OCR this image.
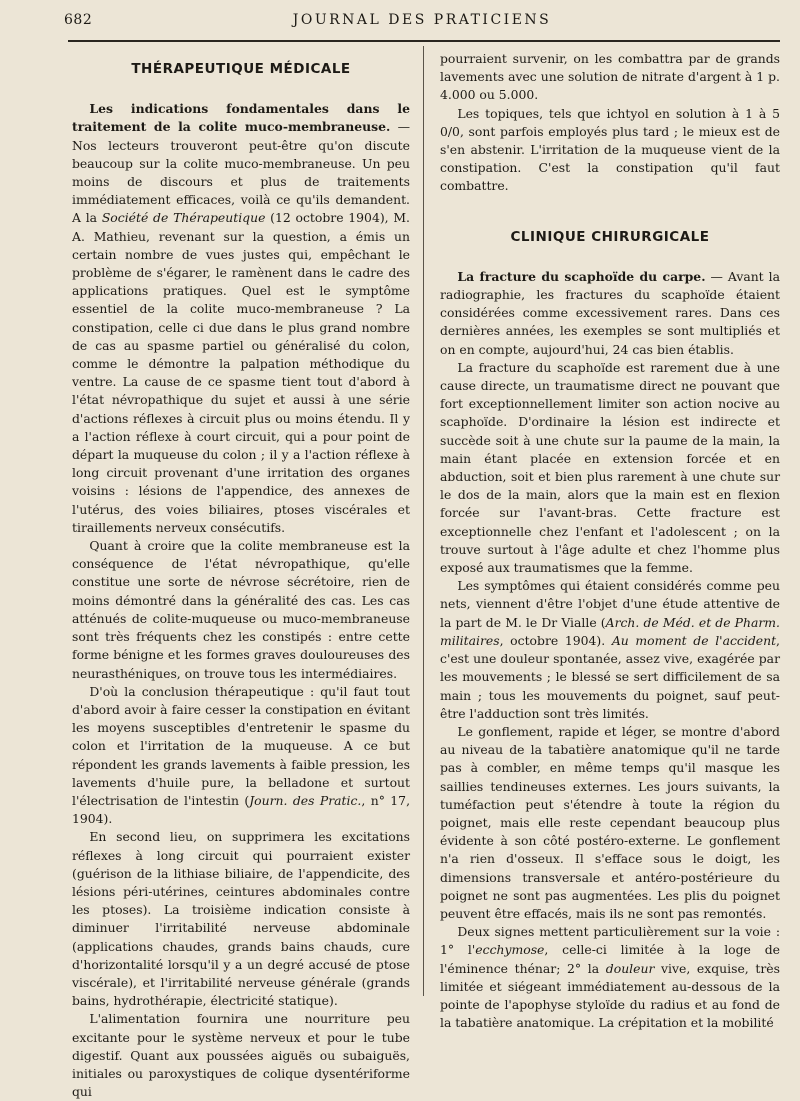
682	JOURNAL DES PRATICIENS
THÉRAPEUTIQUE MÉDICALE

Les indications fondamentales dans le traitement de la colite muco-membraneuse. — Nos lecteurs trouveront peut-être qu'on discute beaucoup sur la colite muco-membraneuse. Un peu moins de discours et plus de traitements immédiatement efficaces, voilà ce qu'ils demandent. A la Société de Thérapeutique (12 octobre 1904), M. A. Mathieu, revenant sur la question, a émis un certain nombre de vues justes qui, empêchant le problème de s'égarer, le ramènent dans le cadre des applications pratiques. Quel est le symptôme essentiel de la colite muco-membraneuse ? La constipation, celle ci due dans le plus grand nombre de cas au spasme partiel ou généralisé du colon, comme le démontre la palpation méthodique du ventre. La cause de ce spasme tient tout d'abord à l'état névropathique du sujet et aussi à une série d'actions réflexes à circuit plus ou moins étendu. Il y a l'action réflexe à court circuit, qui a pour point de départ la muqueuse du colon ; il y a l'action réflexe à long circuit provenant d'une irritation des organes voisins : lésions de l'appendice, des annexes de l'utérus, des voies biliaires, ptoses viscérales et tiraillements nerveux consécutifs.

Quant à croire que la colite membraneuse est la conséquence de l'état névropathique, qu'elle constitue une sorte de névrose sécrétoire, rien de moins démontré dans la généralité des cas. Les cas atténués de colite-muqueuse ou muco-membraneuse sont très fréquents chez les constipés : entre cette forme bénigne et les formes graves douloureuses des neurasthéniques, on trouve tous les intermédiaires.

D'où la conclusion thérapeutique : qu'il faut tout d'abord avoir à faire cesser la constipation en évitant les moyens susceptibles d'entretenir le spasme du colon et l'irritation de la muqueuse. A ce but répondent les grands lavements à faible pression, les lavements d'huile pure, la belladone et surtout l'électrisation de l'intestin (Journ. des Pratic., n° 17, 1904).

En second lieu, on supprimera les excitations réflexes à long circuit qui pourraient exister (guérison de la lithiase biliaire, de l'appendicite, des lésions péri-utérines, ceintures abdominales contre les ptoses). La troisième indication consiste à diminuer l'irritabilité nerveuse abdominale (applications chaudes, grands bains chauds, cure d'horizontalité lorsqu'il y a un degré accusé de ptose viscérale), et l'irritabilité nerveuse générale (grands bains, hydrothérapie, électricité statique).

L'alimentation fournira une nourriture peu excitante pour le système nerveux et pour le tube digestif. Quant aux poussées aiguës ou subaiguës, initiales ou paroxystiques de colique dysentériforme qui

pourraient survenir, on les combattra par de grands lavements avec une solution de nitrate d'argent à 1 p. 4.000 ou 5.000.

Les topiques, tels que ichtyol en solution à 1 à 5 0/0, sont parfois employés plus tard ; le mieux est de s'en abstenir. L'irritation de la muqueuse vient de la constipation. C'est la constipation qu'il faut combattre.

CLINIQUE CHIRURGICALE

La fracture du scaphoïde du carpe. — Avant la radiographie, les fractures du scaphoïde étaient considérées comme excessivement rares. Dans ces dernières années, les exemples se sont multipliés et on en compte, aujourd'hui, 24 cas bien établis.

La fracture du scaphoïde est rarement due à une cause directe, un traumatisme direct ne pouvant que fort exceptionnellement limiter son action nocive au scaphoïde. D'ordinaire la lésion est indirecte et succède soit à une chute sur la paume de la main, la main étant placée en extension forcée et en abduction, soit et bien plus rarement à une chute sur le dos de la main, alors que la main est en flexion forcée sur l'avant-bras. Cette fracture est exceptionnelle chez l'enfant et l'adolescent ; on la trouve surtout à l'âge adulte et chez l'homme plus exposé aux traumatismes que la femme.

Les symptômes qui étaient considérés comme peu nets, viennent d'être l'objet d'une étude attentive de la part de M. le Dr Vialle (Arch. de Méd. et de Pharm. militaires, octobre 1904). Au moment de l'accident, c'est une douleur spontanée, assez vive, exagérée par les mouvements ; le blessé se sert difficilement de sa main ; tous les mouvements du poignet, sauf peut-être l'adduction sont très limités.

Le gonflement, rapide et léger, se montre d'abord au niveau de la tabatière anatomique qu'il ne tarde pas à combler, en même temps qu'il masque les saillies tendineuses externes. Les jours suivants, la tuméfaction peut s'étendre à toute la région du poignet, mais elle reste cependant beaucoup plus évidente à son côté postéro-externe. Le gonflement n'a rien d'osseux. Il s'efface sous le doigt, les dimensions transversale et antéro-postérieure du poignet ne sont pas augmentées. Les plis du poignet peuvent être effacés, mais ils ne sont pas remontés.

Deux signes mettent particulièrement sur la voie : 1° l'ecchymose, celle-ci limitée à la loge de l'éminence thénar; 2° la douleur vive, exquise, très limitée et siégeant immédiatement au-dessous de la pointe de l'apophyse styloïde du radius et au fond de la tabatière anatomique. La crépitation et la mobilité
